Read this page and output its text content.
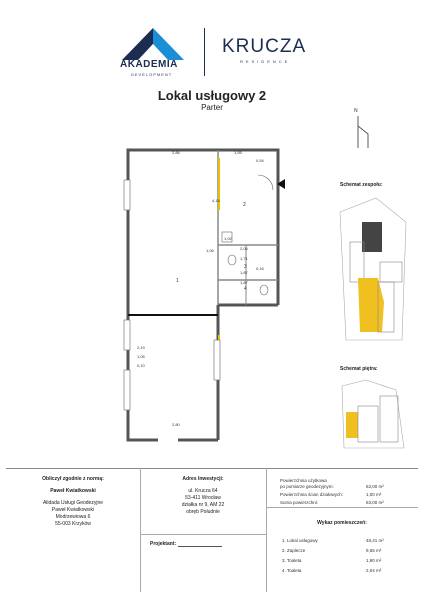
AKADEMIA
DEVELOPMENT
KRUCZA
RESIDENCE
Lokal usługowy 2
Parter	N
1
2
3
4
2,86	1,55
0,54
4,18
1,92
1,06	2,06
1,71
1,87
0,16
1,87
2,19
1,05
0,10
2,80
Schemat zespołu:
Schemat piętra:
Obliczył zgodnie z normą:
Paweł Kwiatkowski
Alidada Usługi Geodezyjne
Paweł Kwiatkowski
Modrzewiowa 6
55-003 Krzyków
Adres Inwestycji:
ul. Krucza 64
53-411 Wrocław
działka nr 9, AM 22
obręb Południe
Projektant:
Powierzchnia użytkowa
po pomiarze geodezyjnym:	62,00 m²
Powierzchnia ścian działowych:	1,00 m²
Suma powierzchni:	63,00 m²
Wykaz pomieszczeń:
1. Lokal usługowy	48,41 m²
2. Zaplecze	9,65 m²
3. Toaleta	1,90 m²
4. Toaleta	2,04 m²
